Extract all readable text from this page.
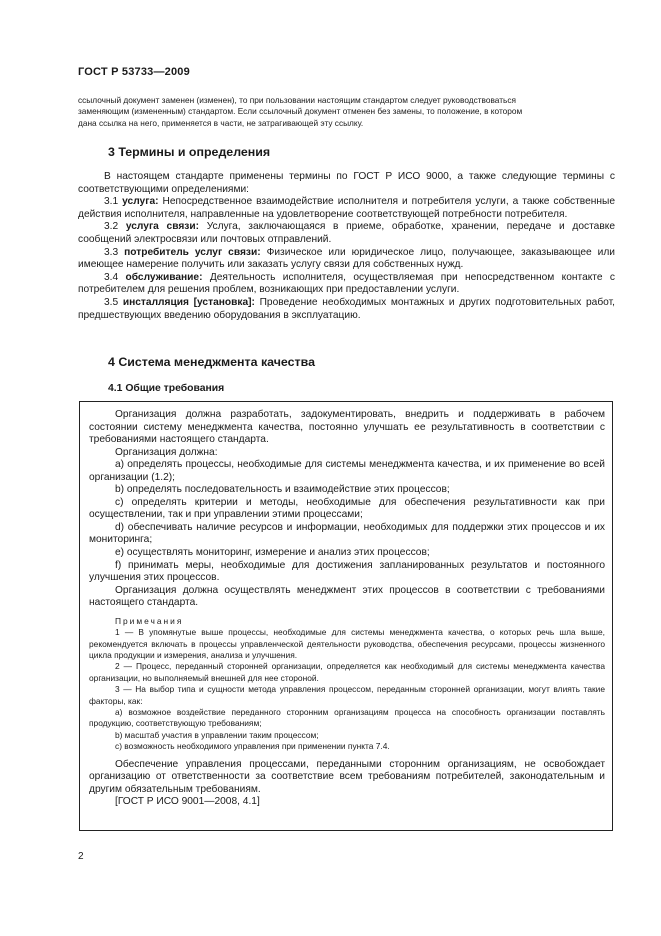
ГОСТ Р 53733—2009

ссылочный документ заменен (изменен), то при пользовании настоящим стандартом следует руководствоваться

заменяющим (измененным) стандартом. Если ссылочный документ отменен без замены, то положение, в котором

дана ссылка на него, применяется в части, не затрагивающей эту ссылку.

3 Термины и определения

В настоящем стандарте применены термины по ГОСТ Р ИСО 9000, а также следующие термины с соответствующими определениями:

3.1 услуга: Непосредственное взаимодействие исполнителя и потребителя услуги, а также собственные действия исполнителя, направленные на удовлетворение соответствующей потребности потребителя.

3.2 услуга связи: Услуга, заключающаяся в приеме, обработке, хранении, передаче и доставке сообщений электросвязи или почтовых отправлений.

3.3 потребитель услуг связи: Физическое или юридическое лицо, получающее, заказывающее или имеющее намерение получить или заказать услугу связи для собственных нужд.

3.4 обслуживание: Деятельность исполнителя, осуществляемая при непосредственном контакте с потребителем для решения проблем, возникающих при предоставлении услуги.

3.5 инсталляция [установка]: Проведение необходимых монтажных и других подготовительных работ, предшествующих введению оборудования в эксплуатацию.

4 Система менеджмента качества
4.1 Общие требования

Организация должна разработать, задокументировать, внедрить и поддерживать в рабочем состоянии систему менеджмента качества, постоянно улучшать ее результативность в соответствии с требованиями настоящего стандарта.

Организация должна:

a) определять процессы, необходимые для системы менеджмента качества, и их применение во всей организации (1.2);

b) определять последовательность и взаимодействие этих процессов;

c) определять критерии и методы, необходимые для обеспечения результативности как при осуществлении, так и при управлении этими процессами;

d) обеспечивать наличие ресурсов и информации, необходимых для поддержки этих процессов и их мониторинга;

e) осуществлять мониторинг, измерение и анализ этих процессов;

f) принимать меры, необходимые для достижения запланированных результатов и постоянного улучшения этих процессов.

Организация должна осуществлять менеджмент этих процессов в соответствии с требованиями настоящего стандарта.

Примечания

1 — В упомянутые выше процессы, необходимые для системы менеджмента качества, о которых речь шла выше, рекомендуется включать в процессы управленческой деятельности руководства, обеспечения ресурсами, процессы жизненного цикла продукции и измерения, анализа и улучшения.

2 — Процесс, переданный сторонней организации, определяется как необходимый для системы менеджмента качества организации, но выполняемый внешней для нее стороной.

3 — На выбор типа и сущности метода управления процессом, переданным сторонней организации, могут влиять такие факторы, как:

a) возможное воздействие переданного сторонним организациям процесса на способность организации поставлять продукцию, соответствующую требованиям;

b) масштаб участия в управлении таким процессом;

c) возможность необходимого управления при применении пункта 7.4.

Обеспечение управления процессами, переданными сторонним организациям, не освобождает организацию от ответственности за соответствие всем требованиям потребителей, законодательным и другим обязательным требованиям.

[ГОСТ Р ИСО 9001—2008, 4.1]

2
